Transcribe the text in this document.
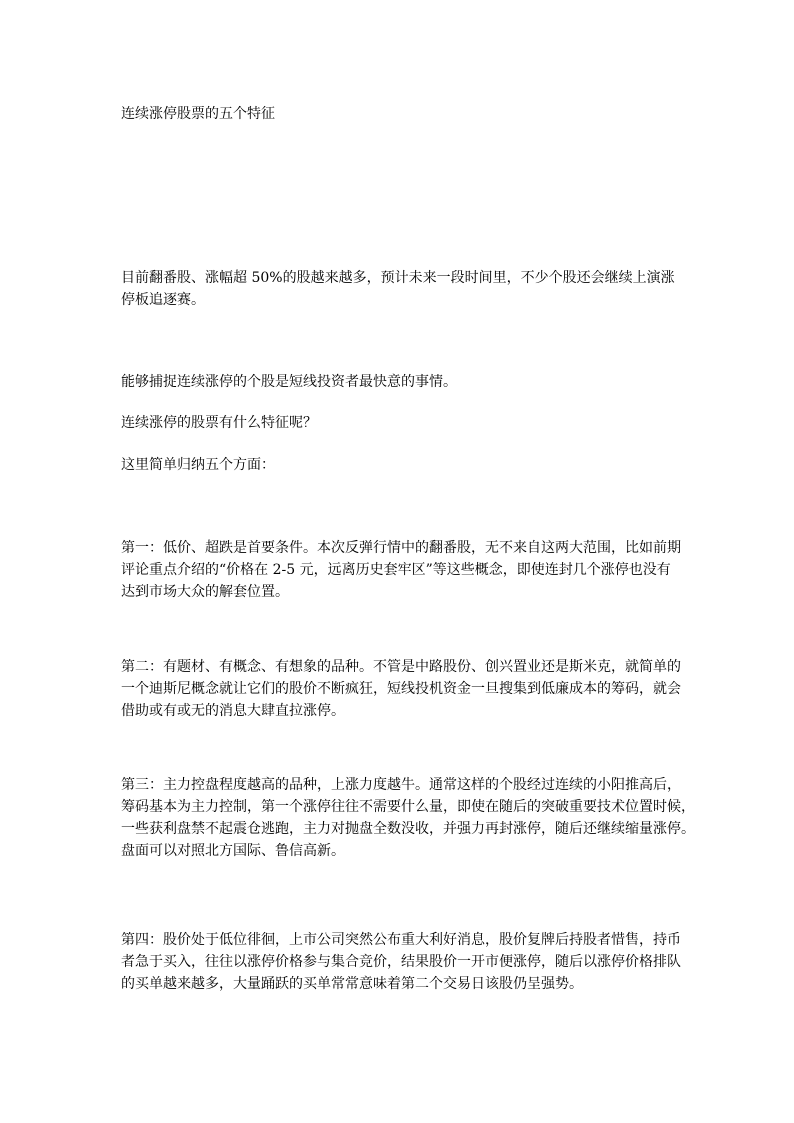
连续涨停股票的五个特征

目前翻番股、涨幅超 50%的股越来越多，预计未来一段时间里，不少个股还会继续上演涨
停板追逐赛。

能够捕捉连续涨停的个股是短线投资者最快意的事情。

连续涨停的股票有什么特征呢？

这里简单归纳五个方面：

第一：低价、超跌是首要条件。本次反弹行情中的翻番股，无不来自这两大范围，比如前期
评论重点介绍的“价格在 2-5 元，远离历史套牢区”等这些概念，即使连封几个涨停也没有
达到市场大众的解套位置。
第二：有题材、有概念、有想象的品种。不管是中路股份、创兴置业还是斯米克，就简单的
一个迪斯尼概念就让它们的股价不断疯狂，短线投机资金一旦搜集到低廉成本的筹码，就会
借助或有或无的消息大肆直拉涨停。
第三：主力控盘程度越高的品种，上涨力度越牛。通常这样的个股经过连续的小阳推高后，
筹码基本为主力控制，第一个涨停往往不需要什么量，即使在随后的突破重要技术位置时候，
一些获利盘禁不起震仓逃跑，主力对抛盘全数没收，并强力再封涨停，随后还继续缩量涨停。
盘面可以对照北方国际、鲁信高新。
第四：股价处于低位徘徊，上市公司突然公布重大利好消息，股价复牌后持股者惜售，持币
者急于买入，往往以涨停价格参与集合竞价，结果股价一开市便涨停，随后以涨停价格排队
的买单越来越多，大量踊跃的买单常常意味着第二个交易日该股仍呈强势。
